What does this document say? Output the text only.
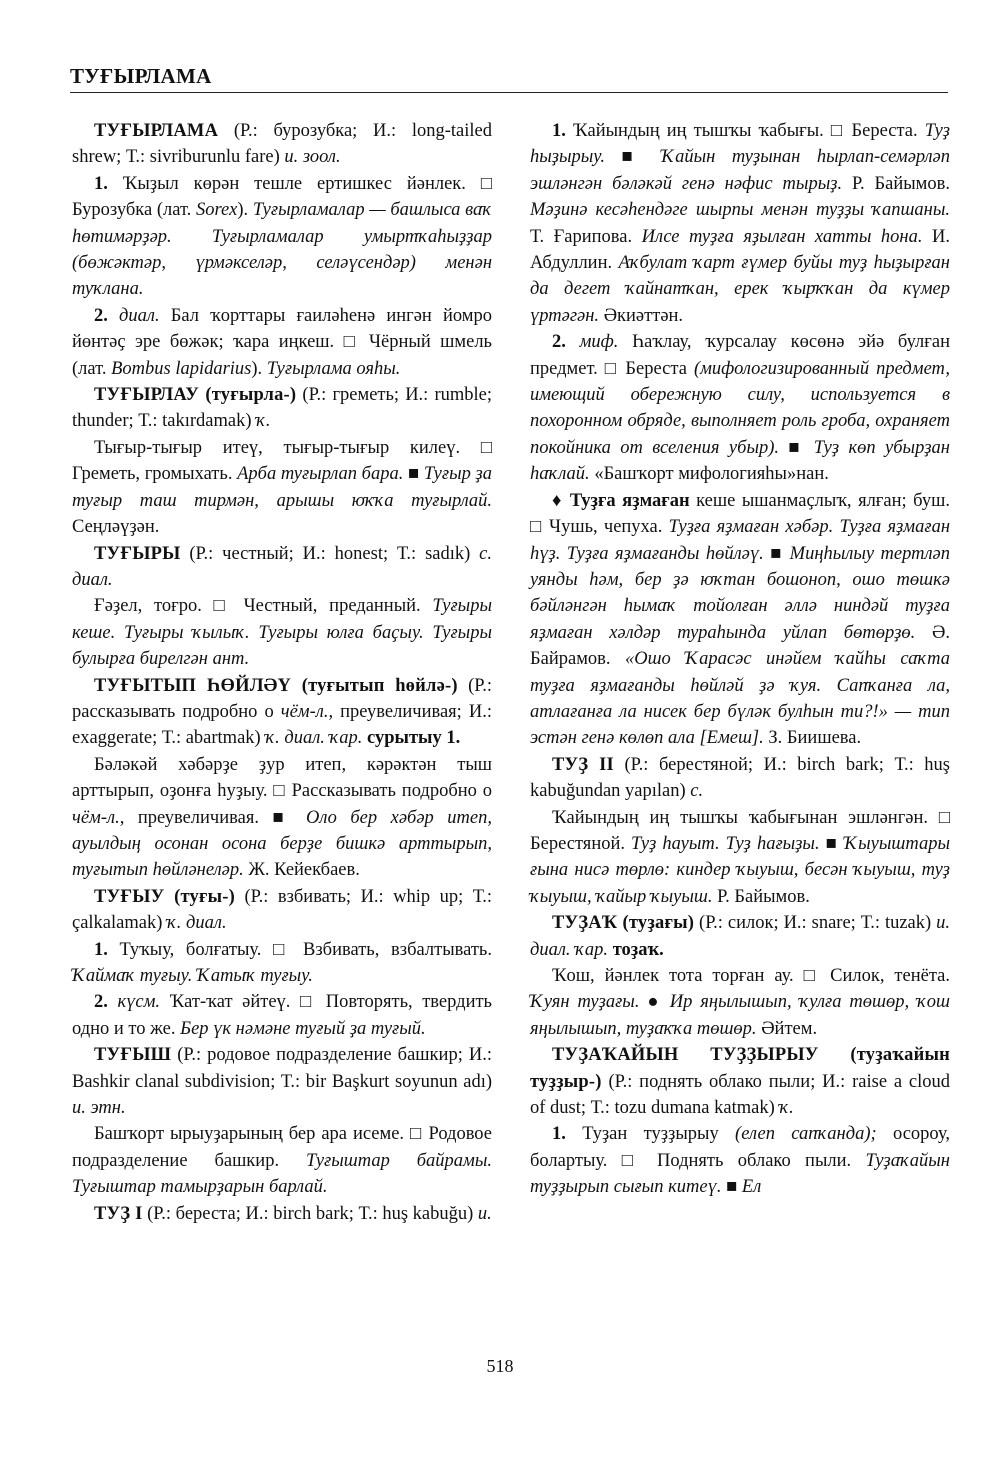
ТУҒЫРЛАМА

ТУҒЫРЛАМА (Р.: бурозубка; И.: long-tailed shrew; Т.: sivriburunlu fare) и. зоол.

1. Ҡыҙыл көрән тешле ертишкес йәнлек. □ Бурозубка (лат. Sorex). Туғырламалар — башлыса ваҡ һөтимәрҙәр. Туғырламалар умыртҡаһыҙҙар (бөжәктәр, үрмәкселәр, селәүсендәр) менән туҡлана.

2. диал. Бал ҡорттары ғаиләһенә ингән йомро йөнтәҫ эре бөжәк; ҡара иңкеш. □ Чёрный шмель (лат. Bombus lapidarius). Туғырлама ояһы.

ТУҒЫРЛАУ (туғырла-) (Р.: греметь; И.: rumble; thunder; Т.: takırdamak) ҡ.

Тығыр-тығыр итеү, тығыр-тығыр килеү. □ Греметь, громыхать. Арба туғырлап бара. ■ Туғыр ҙа туғыр таш тирмән, арышы юҡҡа туғырлай. Сеңләүҙән.

ТУҒЫРЫ (Р.: честный; И.: honest; Т.: sadık) с. диал.

Ғәҙел, тоғро. □ Честный, преданный. Туғыры кеше. Туғыры ҡылыҡ. Туғыры юлға баҫыу. Туғыры булырға бирелгән ант.

ТУҒЫТЫП ҺӨЙЛӘҮ (туғытып һөйлә-) (Р.: рассказывать подробно о чём-л., преувеличивая; И.: exaggerate; Т.: abartmak) ҡ. диал. ҡар. сурытыу 1.

Бәләкәй хәбәрҙе ҙур итеп, кәрәктән тыш арттырып, оҙонға һуҙыу. □ Рассказывать подробно о чём-л., преувеличивая. ■ Оло бер хәбәр итеп, ауылдың осонан осона берҙе бишкә арттырып, туғытып һөйләнеләр. Ж. Кейекбаев.

ТУҒЫУ (туғы-) (Р.: взбивать; И.: whip up; Т.: çalkalamak) ҡ. диал.

1. Туҡыу, болғатыу. □ Взбивать, взбалтывать. Ҡаймаҡ туғыу. Ҡатыҡ туғыу.

2. күсм. Ҡат-ҡат әйтеү. □ Повторять, твердить одно и то же. Бер үк нәмәне туғый ҙа туғый.

ТУҒЫШ (Р.: родовое подразделение башкир; И.: Bashkir clanal subdivision; Т.: bir Başkurt soyunun adı) и. этн.

Башҡорт ырыуҙарының бер ара исеме. □ Родовое подразделение башкир. Туғыштар байрамы. Туғыштар тамырҙарын барлай.

ТУҘ I (Р.: береста; И.: birch bark; Т.: huş kabuğu) и.

1. Ҡайындың иң тышҡы ҡабығы. □ Береста. Туҙ һыҙырыу. ■ Ҡайын туҙынан һырлап-семәрләп эшләнгән бәләкәй генә нәфис тырыҙ. Р. Байымов. Мәҙинә кесәһендәге шырпы менән туҙҙы ҡапшаны. Т. Ғарипова. Илсе туҙға яҙылған хатты һона. И. Абдуллин. Аҡбулат ҡарт ғүмер буйы туҙ һыҙырған да дегет ҡайнатҡан, ерек ҡырҡҡан да күмер үртәгән. Әкиәттән.

2. миф. Һаҡлау, ҡурсалау көсөнә эйә булған предмет. □ Береста (мифологизированный предмет, имеющий обережную силу, используется в похоронном обряде, выполняет роль гроба, охраняет покойника от вселения убыр). ■ Туҙ көп убырҙан һаҡлай. «Башҡорт мифологияһы»нан.

♦ Туҙға яҙмаған кеше ышанмаҫлыҡ, ялған; буш. □ Чушь, чепуха. Туҙға яҙмаған хәбәр. Туҙға яҙмаған һүҙ. Туҙға яҙмағанды һөйләү. ■ Миңһылыу тертләп уянды һәм, бер ҙә юҡтан бошоноп, ошо төшкә бәйләнгән һымаҡ тойолған әллә ниндәй туҙға яҙмаған хәлдәр тураһында уйлап бөтөрҙө. Ә. Байрамов. «Ошо Ҡарасәс инәйем ҡайһы саҡта туҙға яҙмағанды һөйләй ҙә ҡуя. Сапҡанға ла, атлағанға ла нисек бер бүләк булһын ти?!» — тип эстән генә көлөп ала [Емеш]. З. Биишева.

ТУҘ II (Р.: берестяной; И.: birch bark; Т.: huş kabuğundan yapılan) с.

Ҡайындың иң тышҡы ҡабығынан эшләнгән. □ Берестяной. Туҙ һауыт. Туҙ һағыҙы. ■ Ҡыуыштары ғына нисә төрлө: киндер ҡыуыш, бесән ҡыуыш, туҙ ҡыуыш, ҡайыр ҡыуыш. Р. Байымов.

ТУҘАҠ (туҙағы) (Р.: силок; И.: snare; Т.: tuzak) и. диал. ҡар. тоҙаҡ.

Ҡош, йәнлек тота торған ау. □ Силок, тенёта. Ҡуян туҙағы. ● Ир яңылышып, ҡулға төшөр, ҡош яңылышып, туҙаҡҡа төшөр. Әйтем.

ТУҘАҠАЙЫН ТУҘҘЫРЫУ (туҙаҡайын туҙҙыр-) (Р.: поднять облако пыли; И.: raise a cloud of dust; Т.: tozu dumana katmak) ҡ.

1. Туҙан туҙҙырыу (елеп сапҡанда); осороу, болартыу. □ Поднять облако пыли. Туҙаҡайын туҙҙырып сығып китеү. ■ Ел

518
